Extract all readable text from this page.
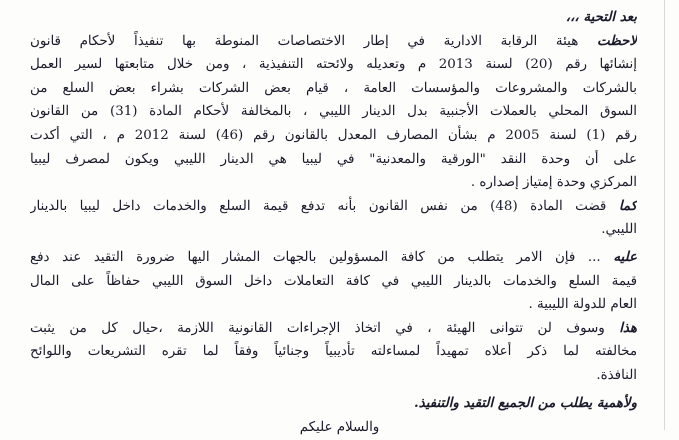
بعد التحية ،،،
لاحظت هيئة الرقابة الادارية في إطار الاختصاصات المنوطة بها تنفيذاً لأحكام قانون
إنشائها رقم (20) لسنة 2013 م وتعديله ولائحته التنفيذية ، ومن خلال متابعتها لسير العمل
بالشركات والمشروعات والمؤسسات العامة ، قيام بعض الشركات بشراء بعض السلع من
السوق المحلي بالعملات الأجنبية بدل الدينار الليبي ، بالمخالفة لأحكام المادة (31) من القانون
رقم (1) لسنة 2005 م بشأن المصارف المعدل بالقانون رقم (46) لسنة 2012 م ، التي أكدت
على أن وحدة النقد "الورقية والمعدنية" في ليبيا هي الدينار الليبي ويكون لمصرف ليبيا
المركزي وحدة إمتياز إصداره .
كما قضت المادة (48) من نفس القانون بأنه تدفع قيمة السلع والخدمات داخل ليبيا بالدينار
الليبي.
عليه ... فإن الامر يتطلب من كافة المسؤولين بالجهات المشار اليها ضرورة التقيد عند دفع
قيمة السلع والخدمات بالدينار الليبي في كافة التعاملات داخل السوق الليبي حفاظاً على المال
العام للدولة الليبية .
هذا وسوف لن تتوانى الهيئة ، في اتخاذ الإجراءات القانونية اللازمة ،حيال كل من يثبت
مخالفته لما ذكر أعلاه تمهيداً لمساءلته تأديبياً وجنائياً وفقاً لما تقره التشريعات واللوائح
النافذة.
ولأهمية يطلب من الجميع التقيد والتنفيذ.
والسلام عليكم
